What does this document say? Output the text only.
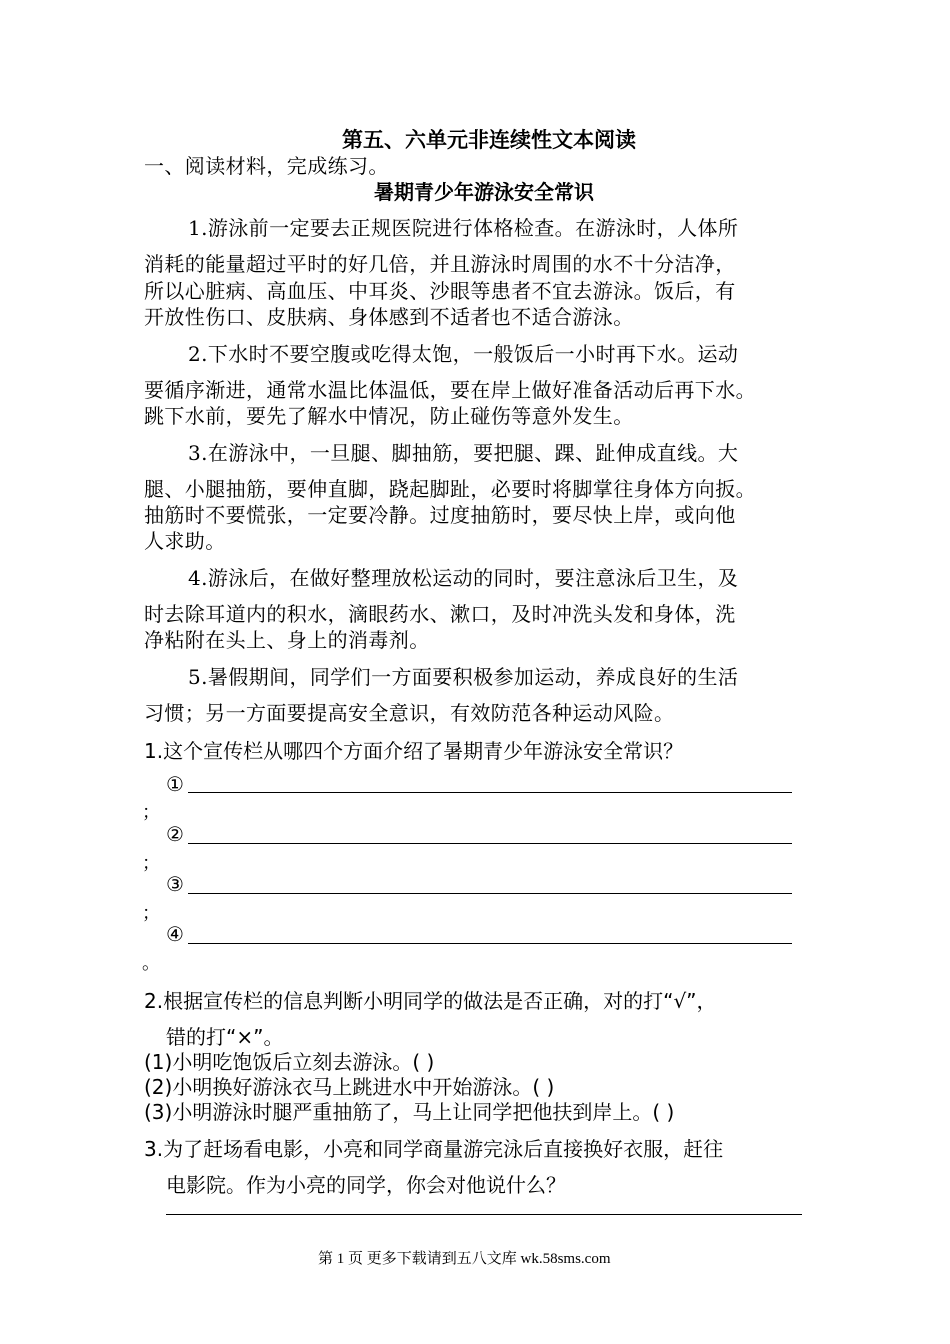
第五、六单元非连续性文本阅读
一、阅读材料，完成练习。
暑期青少年游泳安全常识
1.游泳前一定要去正规医院进行体格检查。在游泳时，人体所
消耗的能量超过平时的好几倍，并且游泳时周围的水不十分洁净，
所以心脏病、高血压、中耳炎、沙眼等患者不宜去游泳。饭后，有
开放性伤口、皮肤病、身体感到不适者也不适合游泳。
2.下水时不要空腹或吃得太饱，一般饭后一小时再下水。运动
要循序渐进，通常水温比体温低，要在岸上做好准备活动后再下水。
跳下水前，要先了解水中情况，防止碰伤等意外发生。
3.在游泳中，一旦腿、脚抽筋，要把腿、踝、趾伸成直线。大
腿、小腿抽筋，要伸直脚，跷起脚趾，必要时将脚掌往身体方向扳。
抽筋时不要慌张，一定要冷静。过度抽筋时，要尽快上岸，或向他
人求助。
4.游泳后，在做好整理放松运动的同时，要注意泳后卫生，及
时去除耳道内的积水，滴眼药水、漱口，及时冲洗头发和身体，洗
净粘附在头上、身上的消毒剂。
5.暑假期间，同学们一方面要积极参加运动，养成良好的生活
习惯；另一方面要提高安全意识，有效防范各种运动风险。
1.这个宣传栏从哪四个方面介绍了暑期青少年游泳安全常识？
①
；
②
；
③
；
④
。
2.根据宣传栏的信息判断小明同学的做法是否正确，对的打“√”，
错的打“×”。
(1)小明吃饱饭后立刻去游泳。( )
(2)小明换好游泳衣马上跳进水中开始游泳。( )
(3)小明游泳时腿严重抽筋了，马上让同学把他扶到岸上。( )
3.为了赶场看电影，小亮和同学商量游完泳后直接换好衣服，赶往
电影院。作为小亮的同学，你会对他说什么？
第 1 页 更多下载请到五八文库 wk.58sms.com
